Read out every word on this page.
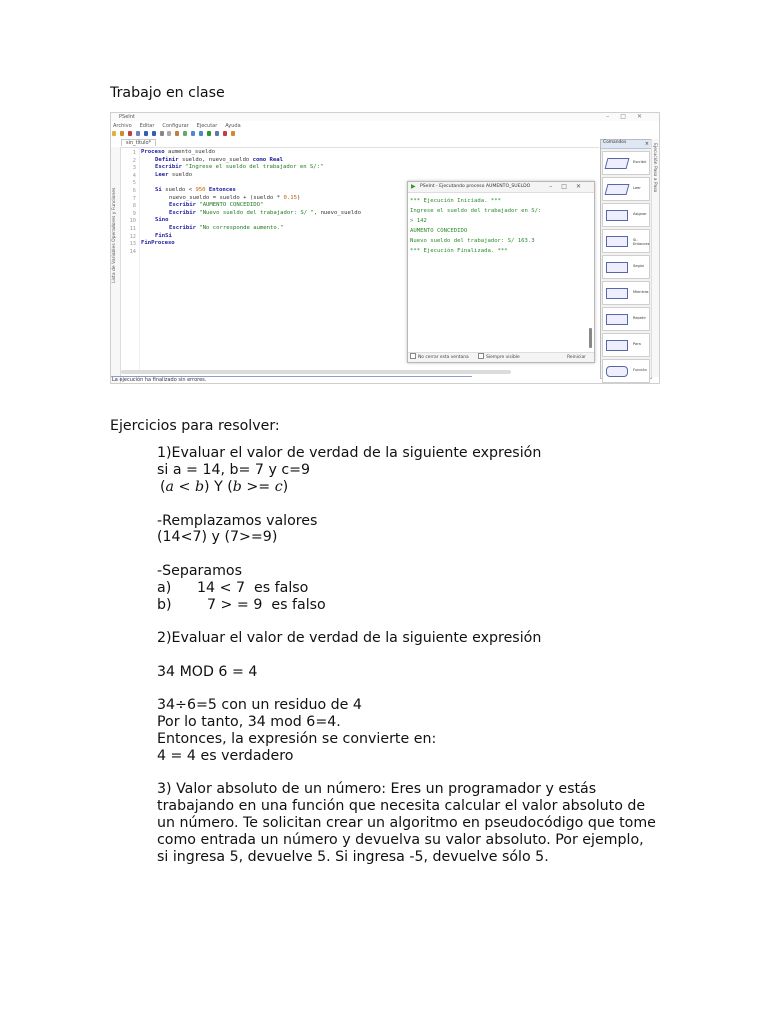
Trabajo en clase
PSeInt	–□✕
Archivo Editar Configurar Ejecutar Ayuda

sin_titulo*
Lista de Variables Operadores y Funciones
1
2
3
4
5
6
7
8
9
10
11
12
13
14
Proceso aumento_sueldo
Definir sueldo, nuevo_sueldo como Real
Escribir "Ingrese el sueldo del trabajador en S/:"
Leer sueldo
Si sueldo < 950 Entonces
nuevo_sueldo = sueldo + (sueldo * 0.15)
Escribir "AUMENTO CONCEDIDO"
Escribir "Nuevo sueldo del trabajador: S/ ", nuevo_sueldo
Sino
Escribir "No corresponde aumento."
FinSi
FinProceso
La ejecución ha finalizado sin errores.
▶ PSeInt - Ejecutando proceso AUMENTO_SUELDO	–□✕
*** Ejecución Iniciada. ***
Ingrese el sueldo del trabajador en S/:
> 142
AUMENTO CONCEDIDO
Nuevo sueldo del trabajador: S/ 163.3
*** Ejecución Finalizada. ***
No cerrar esta ventana	Siempre visible	Reiniciar
Comandos	×
Escribir
Leer
Asignar
Si-Entonces
Según
Mientras
Repetir
Para
Función
Ejecución Paso a Paso
Ejercicios para resolver:
1)Evaluar el valor de verdad de la siguiente expresión
si a = 14, b= 7 y c=9
(a < b) Y (b >= c)
-Remplazamos valores
(14<7) y (7>=9)
-Separamos
a) 14 < 7  es falso
b) 7 > = 9  es falso
2)Evaluar el valor de verdad de la siguiente expresión
34 MOD 6 = 4
34÷6=5 con un residuo de 4
Por lo tanto, 34 mod 6=4.
Entonces, la expresión se convierte en:
4 = 4 es verdadero
3) Valor absoluto de un número: Eres un programador y estás
trabajando en una función que necesita calcular el valor absoluto de
un número. Te solicitan crear un algoritmo en pseudocódigo que tome
como entrada un número y devuelva su valor absoluto. Por ejemplo,
si ingresa 5, devuelve 5. Si ingresa -5, devuelve sólo 5.
